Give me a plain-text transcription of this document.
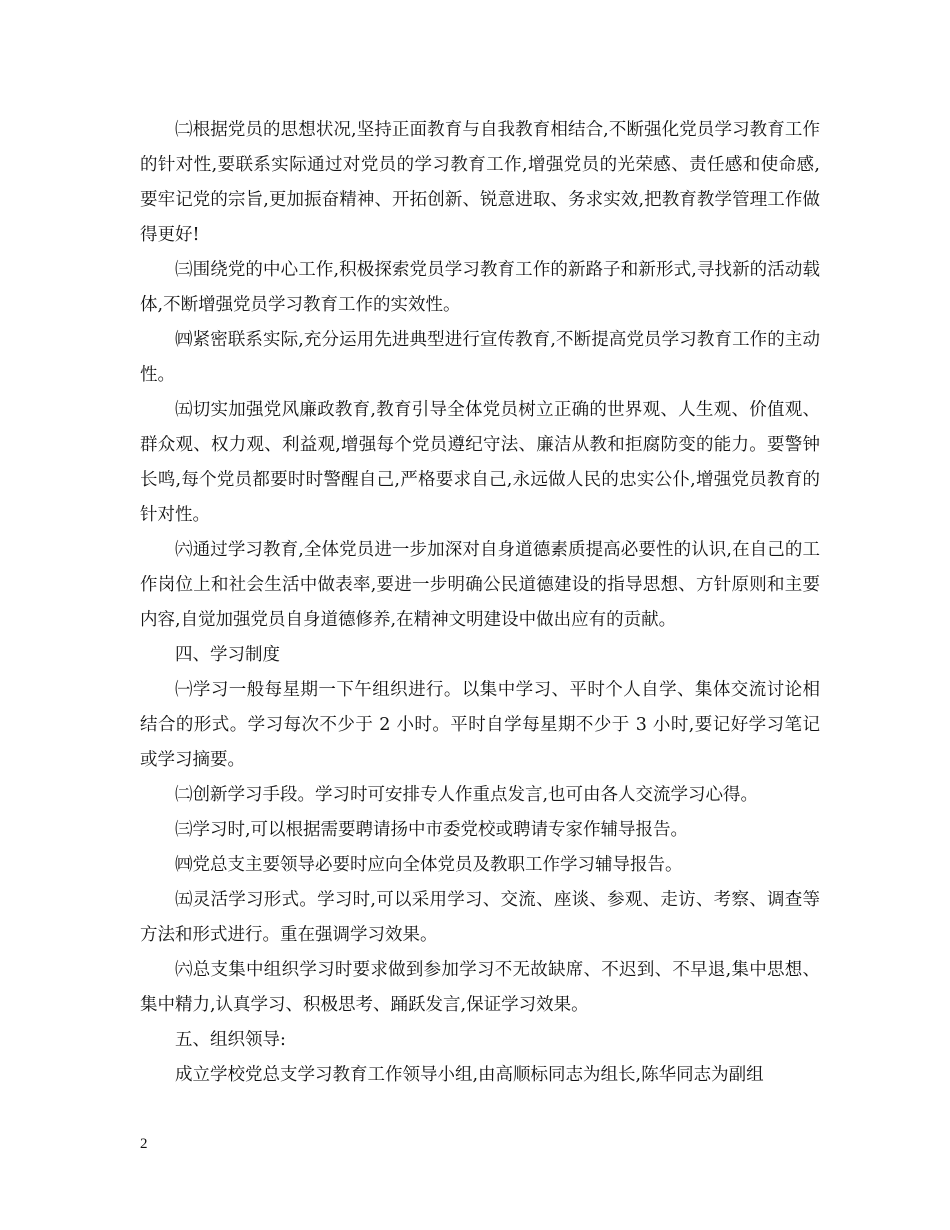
㈡根据党员的思想状况,坚持正面教育与自我教育相结合,不断强化党员学习教育工作的针对性,要联系实际通过对党员的学习教育工作,增强党员的光荣感、责任感和使命感,要牢记党的宗旨,更加振奋精神、开拓创新、锐意进取、务求实效,把教育教学管理工作做得更好!

㈢围绕党的中心工作,积极探索党员学习教育工作的新路子和新形式,寻找新的活动载体,不断增强党员学习教育工作的实效性。

㈣紧密联系实际,充分运用先进典型进行宣传教育,不断提高党员学习教育工作的主动性。

㈤切实加强党风廉政教育,教育引导全体党员树立正确的世界观、人生观、价值观、群众观、权力观、利益观,增强每个党员遵纪守法、廉洁从教和拒腐防变的能力。要警钟长鸣,每个党员都要时时警醒自己,严格要求自己,永远做人民的忠实公仆,增强党员教育的针对性。

㈥通过学习教育,全体党员进一步加深对自身道德素质提高必要性的认识,在自己的工作岗位上和社会生活中做表率,要进一步明确公民道德建设的指导思想、方针原则和主要内容,自觉加强党员自身道德修养,在精神文明建设中做出应有的贡献。

四、学习制度

㈠学习一般每星期一下午组织进行。以集中学习、平时个人自学、集体交流讨论相结合的形式。学习每次不少于 2 小时。平时自学每星期不少于 3 小时,要记好学习笔记或学习摘要。

㈡创新学习手段。学习时可安排专人作重点发言,也可由各人交流学习心得。

㈢学习时,可以根据需要聘请扬中市委党校或聘请专家作辅导报告。

㈣党总支主要领导必要时应向全体党员及教职工作学习辅导报告。

㈤灵活学习形式。学习时,可以采用学习、交流、座谈、参观、走访、考察、调查等方法和形式进行。重在强调学习效果。

㈥总支集中组织学习时要求做到参加学习不无故缺席、不迟到、不早退,集中思想、集中精力,认真学习、积极思考、踊跃发言,保证学习效果。

五、组织领导:

成立学校党总支学习教育工作领导小组,由高顺标同志为组长,陈华同志为副组

2
